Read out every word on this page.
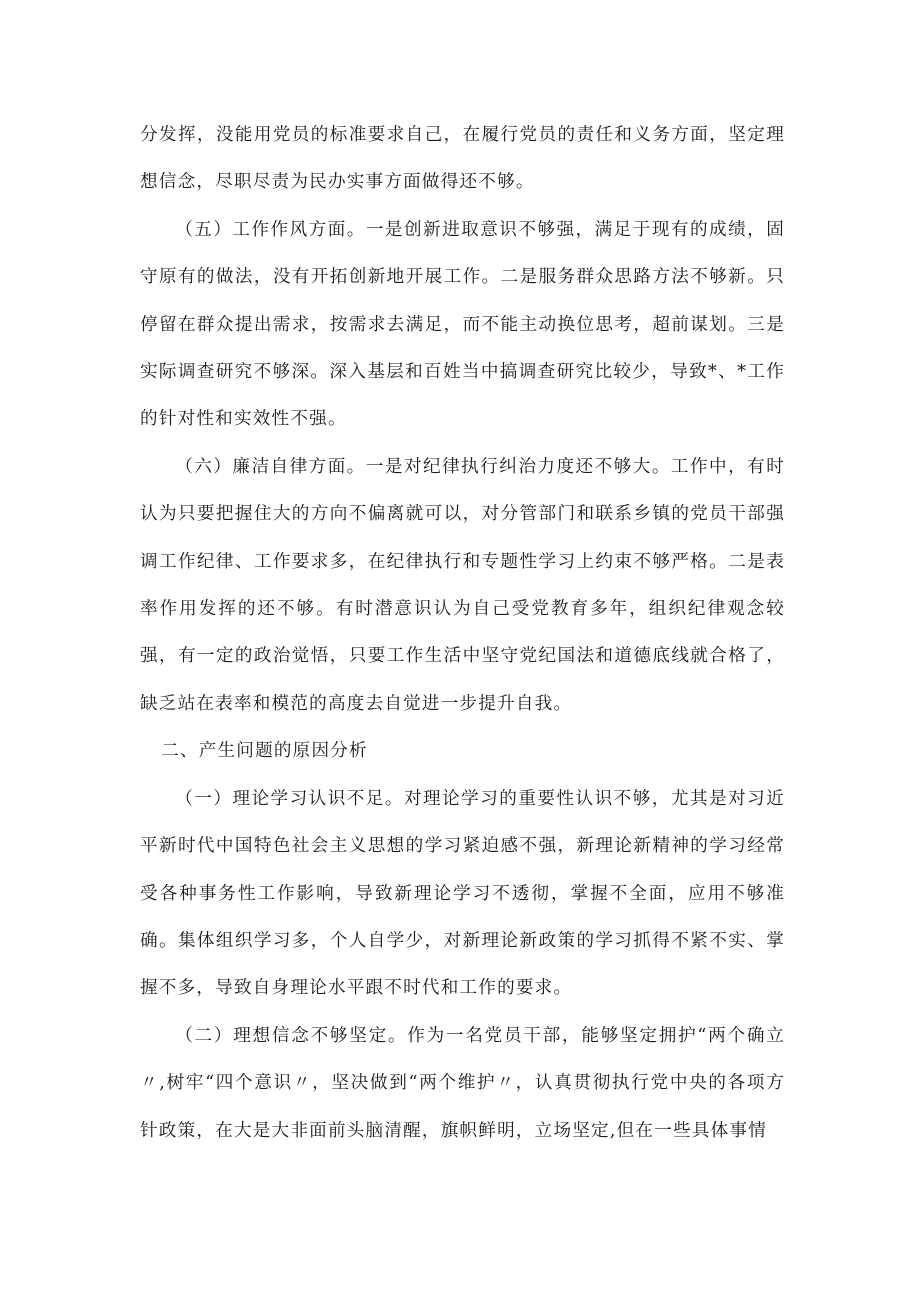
分发挥，没能用党员的标准要求自己，在履行党员的责任和义务方面，坚定理想信念，尽职尽责为民办实事方面做得还不够。

（五）工作作风方面。一是创新进取意识不够强，满足于现有的成绩，固守原有的做法，没有开拓创新地开展工作。二是服务群众思路方法不够新。只停留在群众提出需求，按需求去满足，而不能主动换位思考，超前谋划。三是实际调查研究不够深。深入基层和百姓当中搞调查研究比较少，导致*、*工作的针对性和实效性不强。

（六）廉洁自律方面。一是对纪律执行纠治力度还不够大。工作中，有时认为只要把握住大的方向不偏离就可以，对分管部门和联系乡镇的党员干部强调工作纪律、工作要求多，在纪律执行和专题性学习上约束不够严格。二是表率作用发挥的还不够。有时潜意识认为自己受党教育多年，组织纪律观念较强，有一定的政治觉悟，只要工作生活中坚守党纪国法和道德底线就合格了，缺乏站在表率和模范的高度去自觉进一步提升自我。

二、产生问题的原因分析

（一）理论学习认识不足。对理论学习的重要性认识不够，尤其是对习近平新时代中国特色社会主义思想的学习紧迫感不强，新理论新精神的学习经常受各种事务性工作影响，导致新理论学习不透彻，掌握不全面，应用不够准确。集体组织学习多，个人自学少，对新理论新政策的学习抓得不紧不实、掌握不多，导致自身理论水平跟不时代和工作的要求。

（二）理想信念不够坚定。作为一名党员干部，能够坚定拥护“两个确立〃,树牢“四个意识〃，坚决做到“两个维护〃，认真贯彻执行党中央的各项方针政策，在大是大非面前头脑清醒，旗帜鲜明，立场坚定,但在一些具体事情
